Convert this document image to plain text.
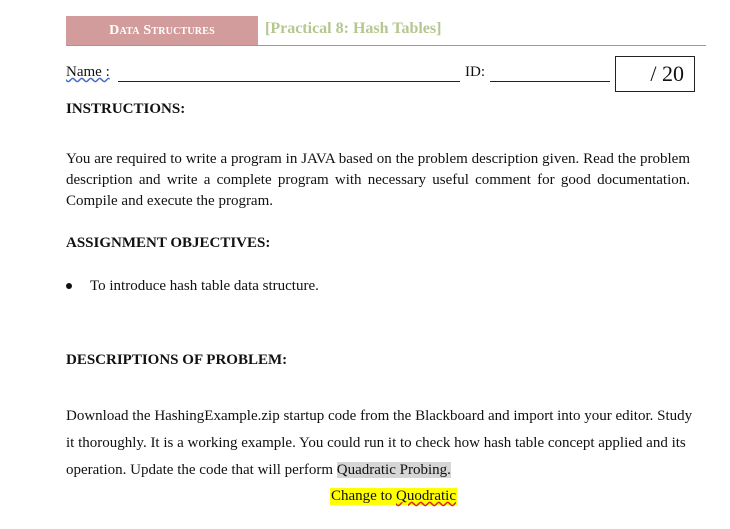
Data Structures	[Practical 8: Hash Tables]
Name :	ID:	/ 20
INSTRUCTIONS:
You are required to write a program in JAVA based on the problem description given. Read the problem description and write a complete program with necessary useful comment for good documentation. Compile and execute the program.
ASSIGNMENT OBJECTIVES:
To introduce hash table data structure.
DESCRIPTIONS OF PROBLEM:
Download the HashingExample.zip startup code from the Blackboard and import into your editor. Study it thoroughly. It is a working example. You could run it to check how hash table concept applied and its operation. Update the code that will perform Quadratic Probing.
Change to Quodratic
